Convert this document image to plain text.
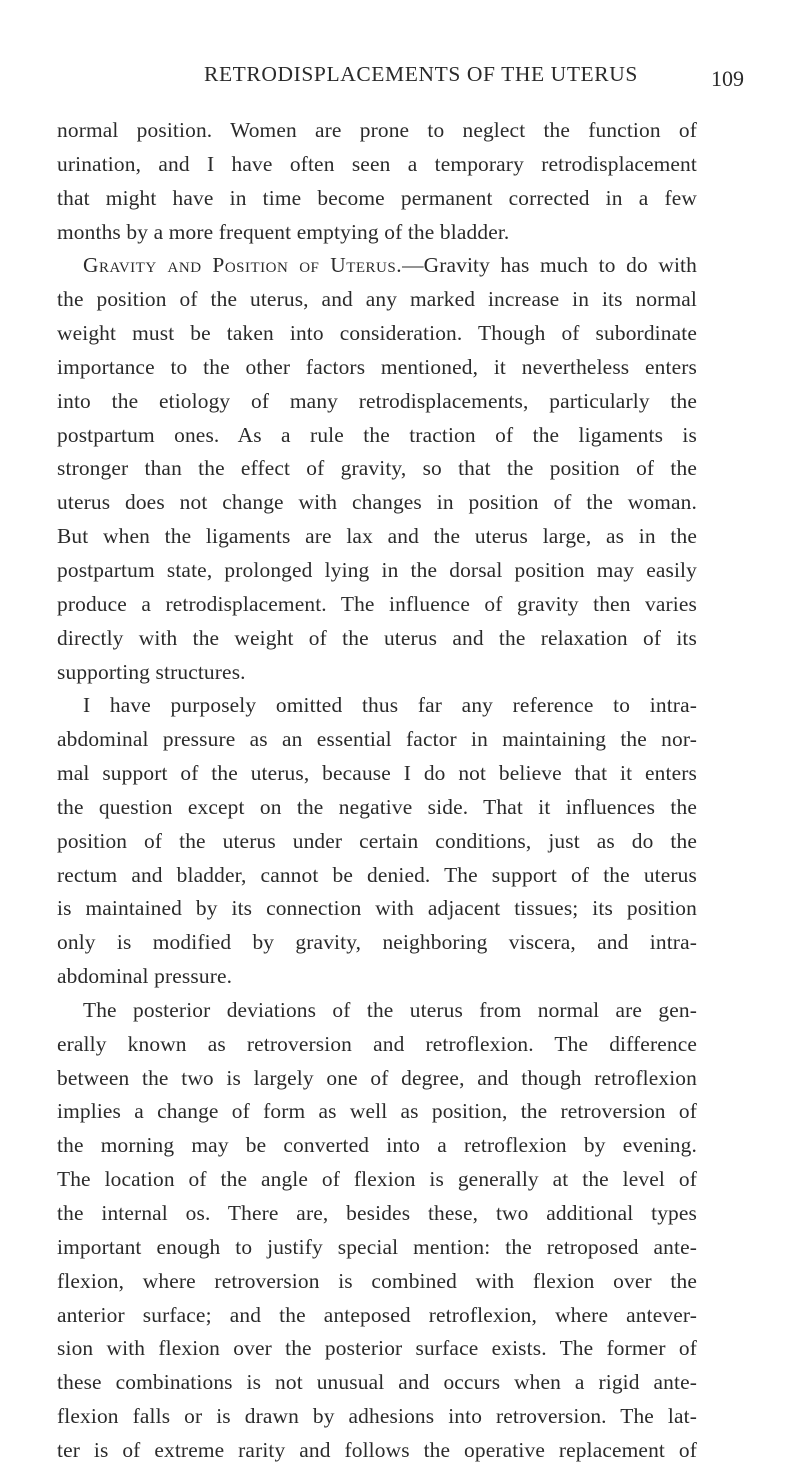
RETRODISPLACEMENTS OF THE UTERUS	109
normal position. Women are prone to neglect the function of
urination, and I have often seen a temporary retrodisplacement
that might have in time become permanent corrected in a few
months by a more frequent emptying of the bladder.
Gravity and Position of Uterus.—Gravity has much to do with
the position of the uterus, and any marked increase in its normal
weight must be taken into consideration. Though of subordinate
importance to the other factors mentioned, it nevertheless enters
into the etiology of many retrodisplacements, particularly the
postpartum ones. As a rule the traction of the ligaments is
stronger than the effect of gravity, so that the position of the
uterus does not change with changes in position of the woman.
But when the ligaments are lax and the uterus large, as in the
postpartum state, prolonged lying in the dorsal position may easily
produce a retrodisplacement. The influence of gravity then varies
directly with the weight of the uterus and the relaxation of its
supporting structures.
I have purposely omitted thus far any reference to intra-
abdominal pressure as an essential factor in maintaining the nor-
mal support of the uterus, because I do not believe that it enters
the question except on the negative side. That it influences the
position of the uterus under certain conditions, just as do the
rectum and bladder, cannot be denied. The support of the uterus
is maintained by its connection with adjacent tissues; its position
only is modified by gravity, neighboring viscera, and intra-
abdominal pressure.
The posterior deviations of the uterus from normal are gen-
erally known as retroversion and retroflexion. The difference
between the two is largely one of degree, and though retroflexion
implies a change of form as well as position, the retroversion of
the morning may be converted into a retroflexion by evening.
The location of the angle of flexion is generally at the level of
the internal os. There are, besides these, two additional types
important enough to justify special mention: the retroposed ante-
flexion, where retroversion is combined with flexion over the
anterior surface; and the anteposed retroflexion, where antever-
sion with flexion over the posterior surface exists. The former of
these combinations is not unusual and occurs when a rigid ante-
flexion falls or is drawn by adhesions into retroversion. The lat-
ter is of extreme rarity and follows the operative replacement of
